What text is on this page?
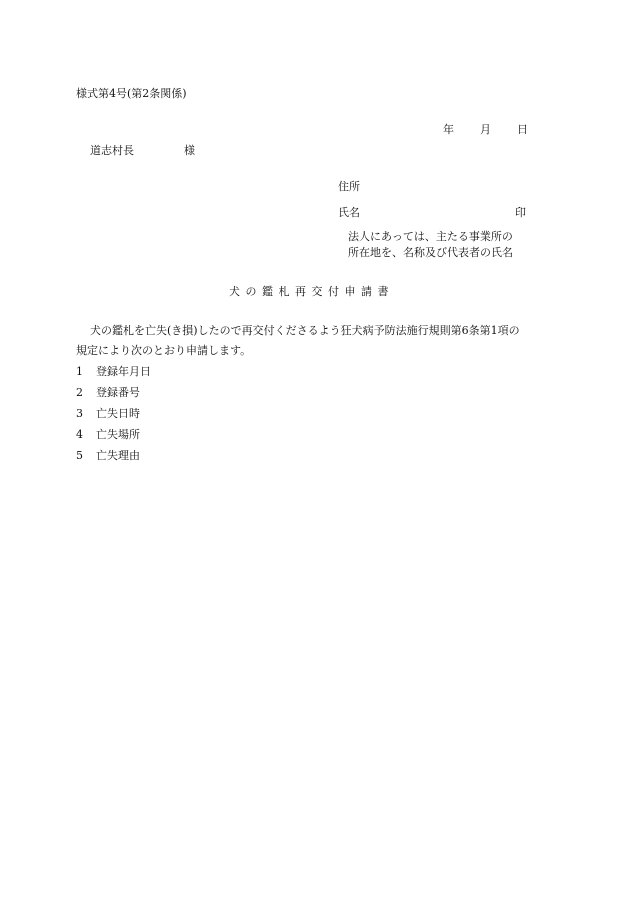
様式第4号(第2条関係)

年 月 日

道志村長	様

住所

氏名	印

法人にあっては、主たる事業所の

所在地を、名称及び代表者の氏名

犬の鑑札再交付申請書

犬の鑑札を亡失(き損)したので再交付くださるよう狂犬病予防法施行規則第6条第1項の

規定により次のとおり申請します。

1 登録年月日
2 登録番号
3 亡失日時
4 亡失場所
5 亡失理由
